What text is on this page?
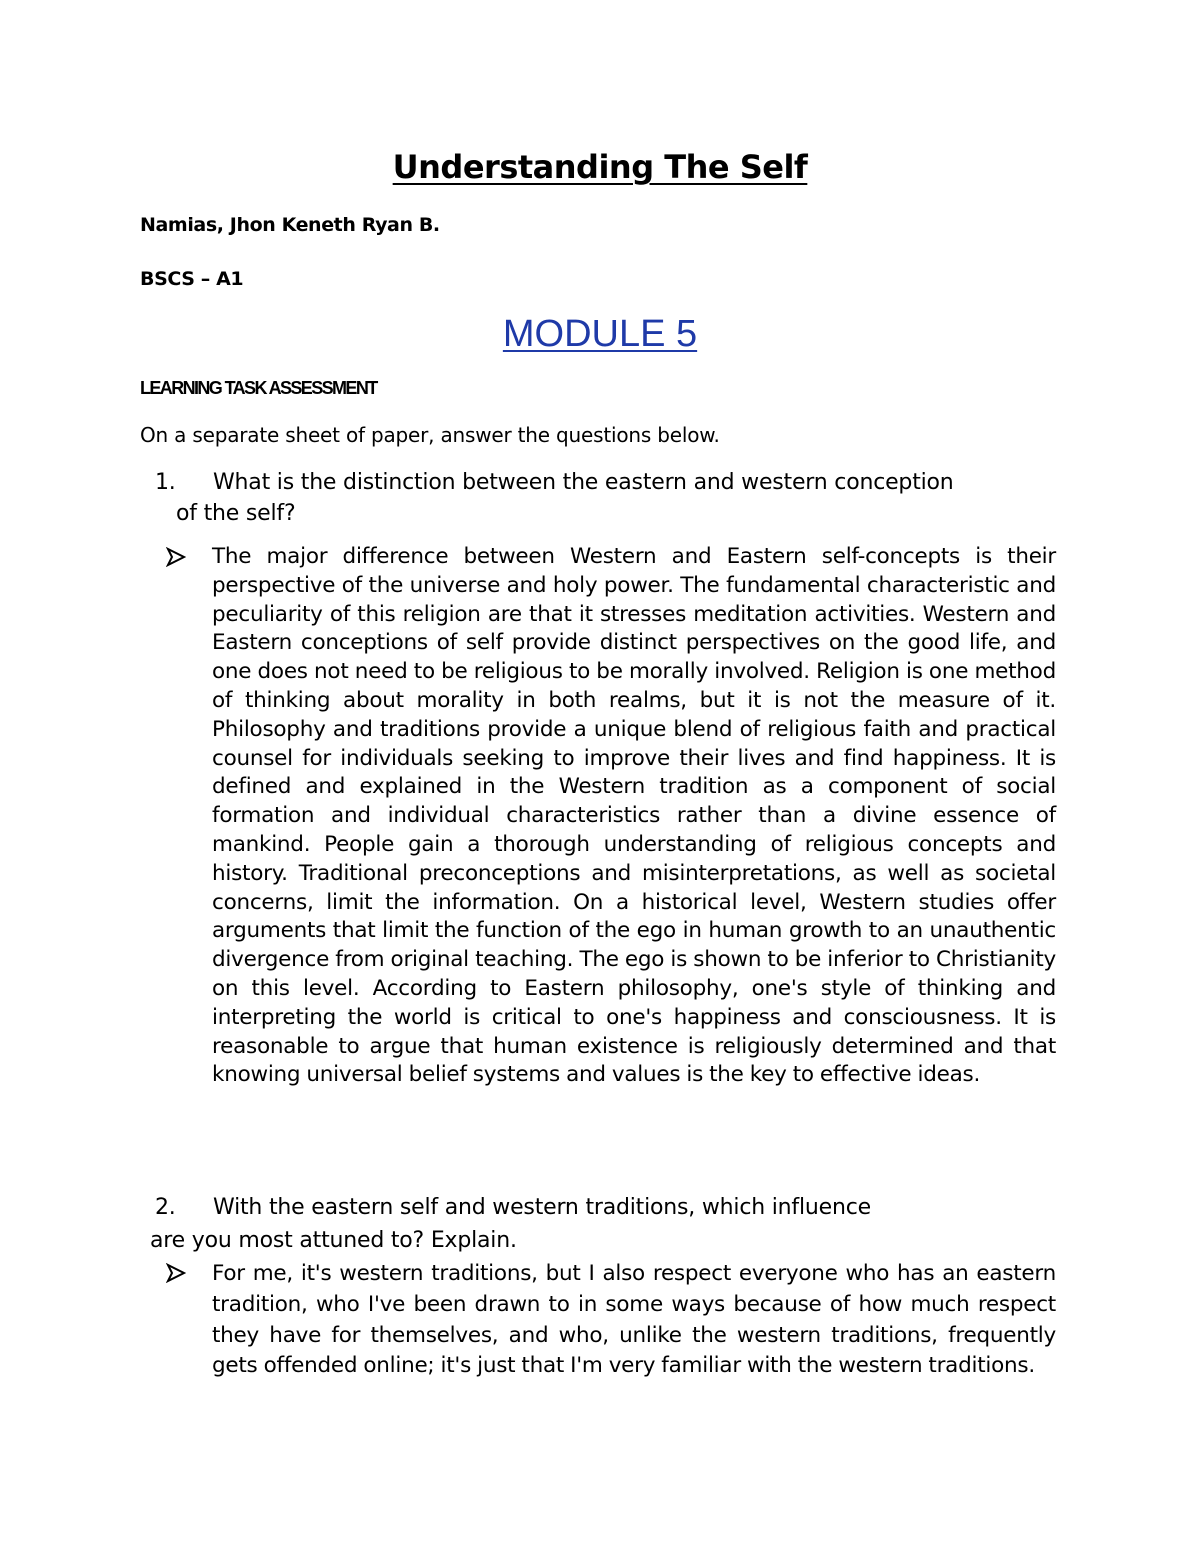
Understanding The Self
Namias, Jhon Keneth Ryan B.
BSCS – A1
MODULE 5
LEARNING TASK ASSESSMENT
On a separate sheet of paper, answer the questions below.
1. What is the distinction between the eastern and western conception
of the self?
The major difference between Western and Eastern self-concepts is their perspective of the universe and holy power. The fundamental characteristic and peculiarity of this religion are that it stresses meditation activities. Western and Eastern conceptions of self provide distinct perspectives on the good life, and one does not need to be religious to be morally involved. Religion is one method of thinking about morality in both realms, but it is not the measure of it. Philosophy and traditions provide a unique blend of religious faith and practical counsel for individuals seeking to improve their lives and find happiness. It is defined and explained in the Western tradition as a component of social formation and individual characteristics rather than a divine essence of mankind. People gain a thorough understanding of religious concepts and history. Traditional preconceptions and misinterpretations, as well as societal concerns, limit the information. On a historical level, Western studies offer arguments that limit the function of the ego in human growth to an unauthentic divergence from original teaching. The ego is shown to be inferior to Christianity on this level. According to Eastern philosophy, one's style of thinking and interpreting the world is critical to one's happiness and consciousness. It is reasonable to argue that human existence is religiously determined and that knowing universal belief systems and values is the key to effective ideas.
2. With the eastern self and western traditions, which influence
are you most attuned to? Explain.
For me, it's western traditions, but I also respect everyone who has an eastern tradition, who I've been drawn to in some ways because of how much respect they have for themselves, and who, unlike the western traditions, frequently gets offended online; it's just that I'm very familiar with the western traditions.
